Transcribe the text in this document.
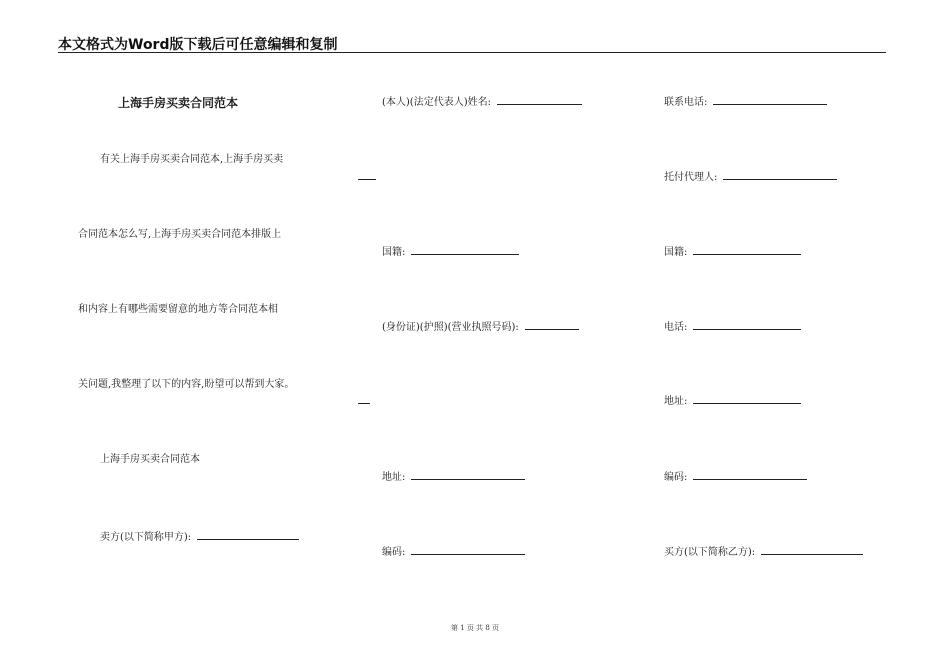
本文格式为Word版下载后可任意编辑和复制
上海手房买卖合同范本
有关上海手房买卖合同范本,上海手房买卖
合同范本怎么写,上海手房买卖合同范本排版上
和内容上有哪些需要留意的地方等合同范本相
关问题,我整理了以下的内容,盼望可以帮到大家。
上海手房买卖合同范本
卖方(以下简称甲方):
(本人)(法定代表人)姓名:
国籍:
(身份证)(护照)(营业执照号码):
地址:
编码:
联系电话:
托付代理人:
国籍:
电话:
地址:
编码:
买方(以下简称乙方):
第 1 页 共 8 页
